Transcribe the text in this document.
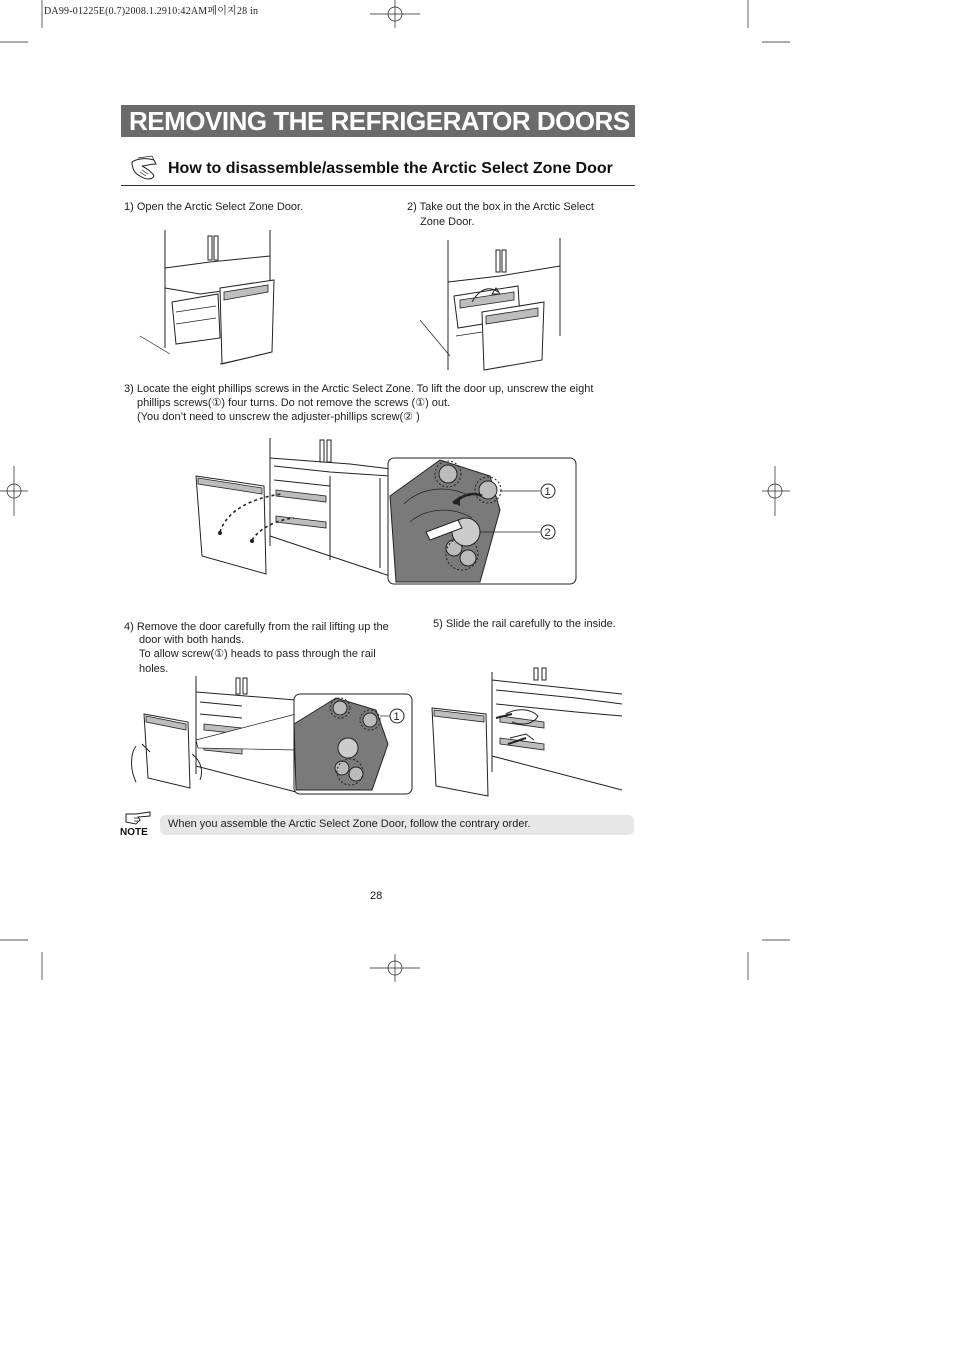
DA99-01225E(0.7)2008.1.2910:42AM페이지28 in
REMOVING THE REFRIGERATOR DOORS
How to disassemble/assemble the Arctic Select Zone Door
1) Open the Arctic Select Zone Door.	2) Take out the box in the Arctic Select
Zone Door.
3) Locate the eight phillips screws in the Arctic Select Zone. To lift the door up, unscrew the eight
phillips screws(①) four turns. Do not remove the screws (①) out.
(You don’t need to unscrew the adjuster-phillips screw(② )
1
2
4) Remove the door carefully from the rail lifting up the
door with both hands.
To allow screw(①) heads to pass through the rail
holes.
1
5) Slide the rail carefully to the inside.
NOTE
When you assemble the Arctic Select Zone Door, follow the contrary order.
28
